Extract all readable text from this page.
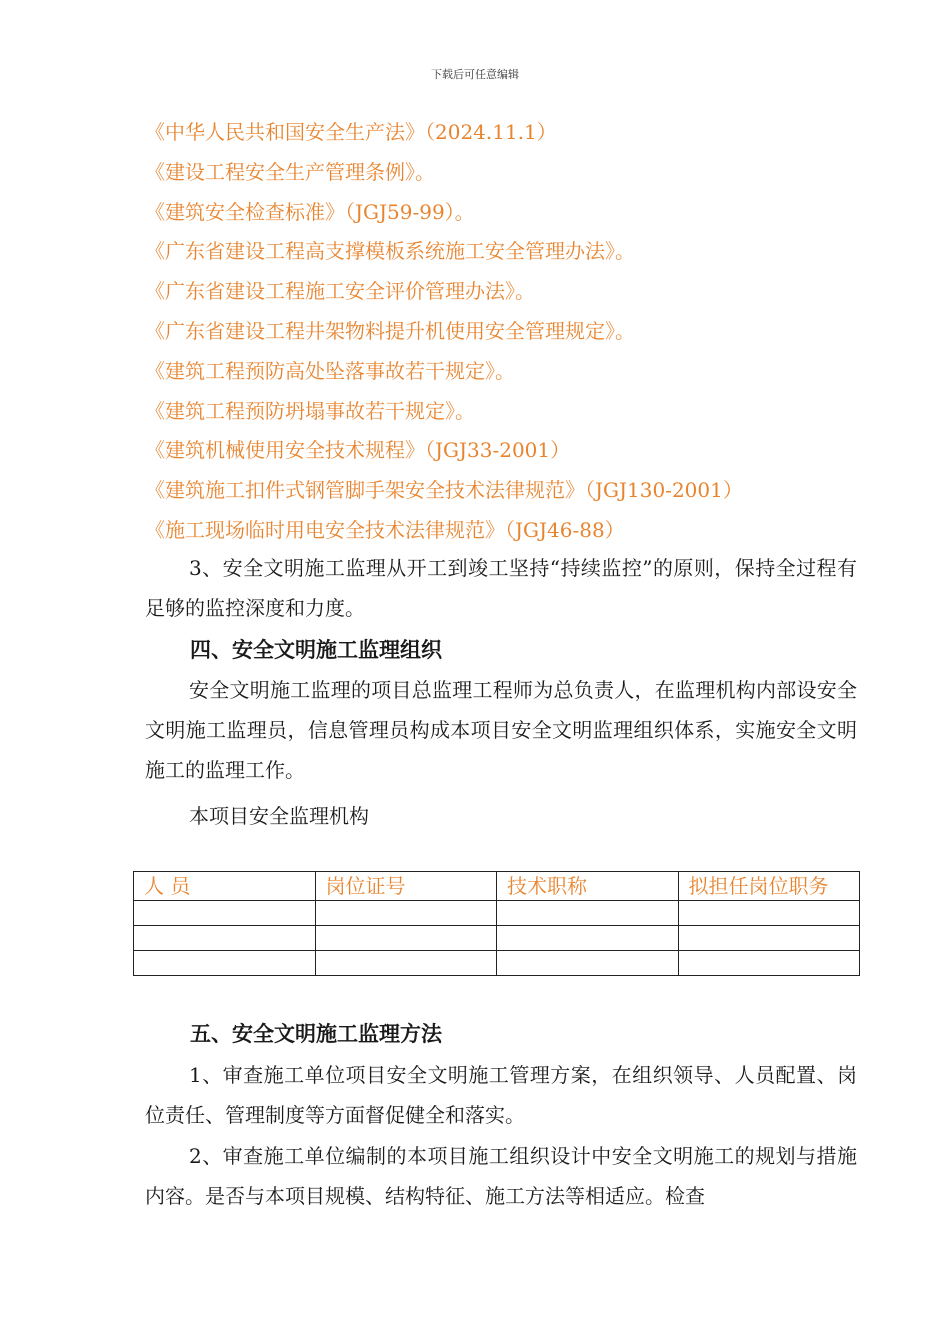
下载后可任意编辑
《中华人民共和国安全生产法》（2024.11.1）
《建设工程安全生产管理条例》。
《建筑安全检查标准》（JGJ59-99）。
《广东省建设工程高支撑模板系统施工安全管理办法》。
《广东省建设工程施工安全评价管理办法》。
《广东省建设工程井架物料提升机使用安全管理规定》。
《建筑工程预防高处坠落事故若干规定》。
《建筑工程预防坍塌事故若干规定》。
《建筑机械使用安全技术规程》（JGJ33-2001）
《建筑施工扣件式钢管脚手架安全技术法律规范》（JGJ130-2001）
《施工现场临时用电安全技术法律规范》（JGJ46-88）
3、安全文明施工监理从开工到竣工坚持“持续监控”的原则，保持全过程有足够的监控深度和力度。
四、安全文明施工监理组织
安全文明施工监理的项目总监理工程师为总负责人，在监理机构内部设安全文明施工监理员，信息管理员构成本项目安全文明监理组织体系，实施安全文明施工的监理工作。
本项目安全监理机构
人 员	岗位证号	技术职称	拟担任岗位职务

五、安全文明施工监理方法
1、审查施工单位项目安全文明施工管理方案，在组织领导、人员配置、岗位责任、管理制度等方面督促健全和落实。
2、审查施工单位编制的本项目施工组织设计中安全文明施工的规划与措施内容。是否与本项目规模、结构特征、施工方法等相适应。检查
